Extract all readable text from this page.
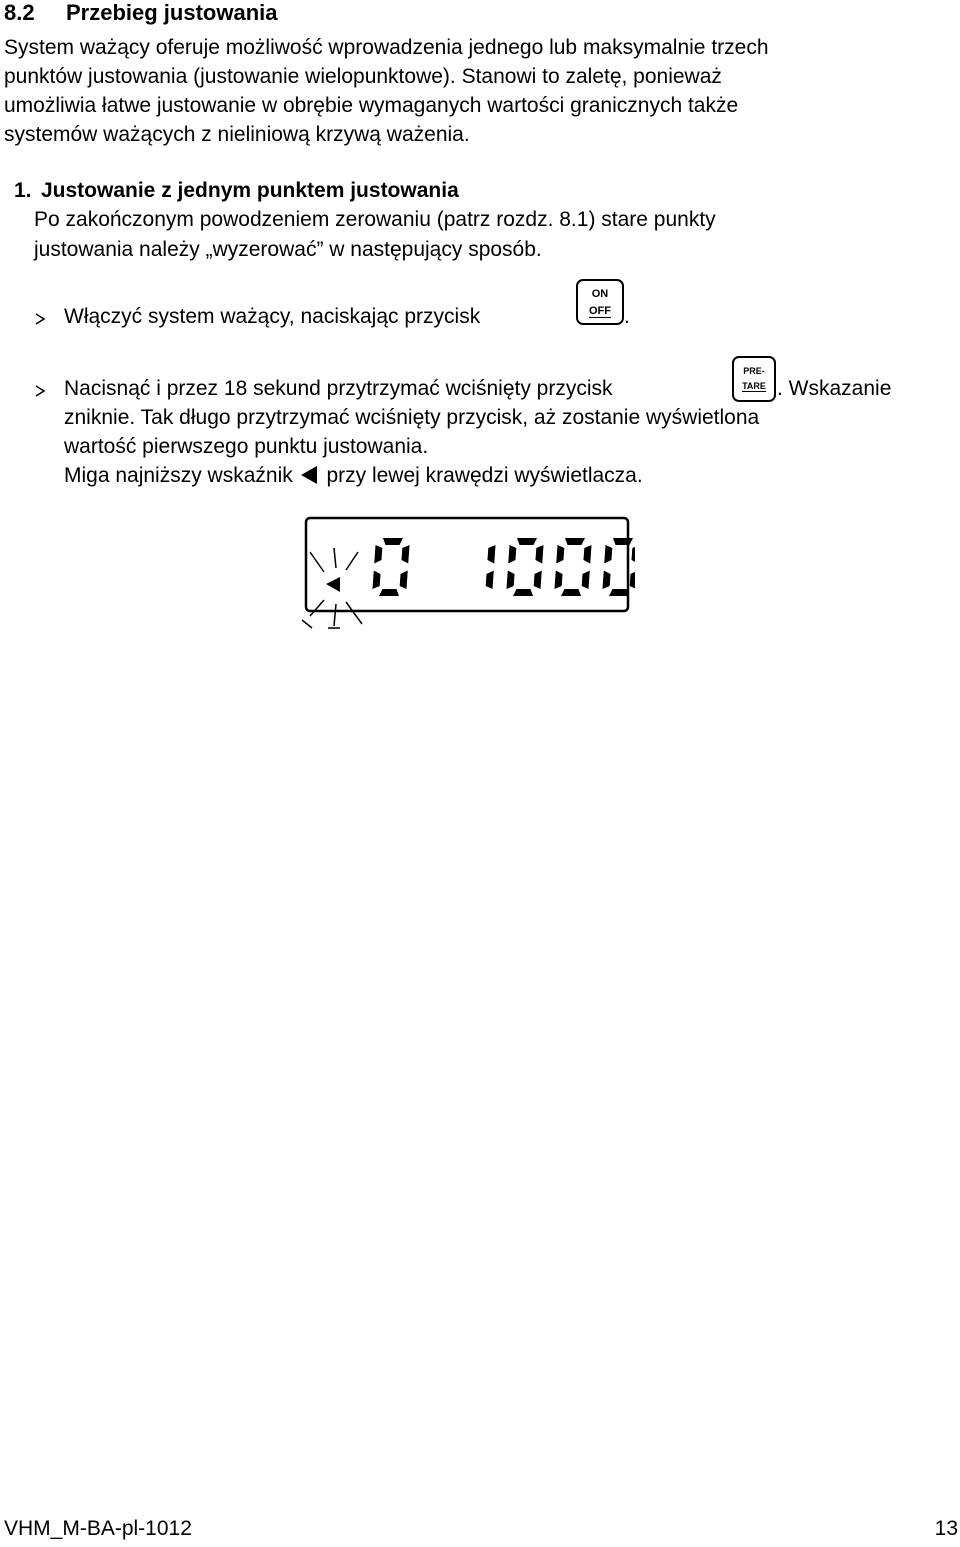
8.2 Przebieg justowania
System ważący oferuje możliwość wprowadzenia jednego lub maksymalnie trzech
punktów justowania (justowanie wielopunktowe). Stanowi to zaletę, ponieważ
umożliwia łatwe justowanie w obrębie wymaganych wartości granicznych także
systemów ważących z nieliniową krzywą ważenia.
1. Justowanie z jednym punktem justowania
Po zakończonym powodzeniem zerowaniu (patrz rozdz. 8.1) stare punkty
justowania należy „wyzerować” w następujący sposób.
Włączyć system ważący, naciskając przycisk
ON
OFF .
Nacisnąć i przez 18 sekund przytrzymać wciśnięty przycisk
PRE-
TARE . Wskazanie
zniknie. Tak długo przytrzymać wciśnięty przycisk, aż zostanie wyświetlona
wartość pierwszego punktu justowania.
Miga najniższy wskaźnik przy lewej krawędzi wyświetlacza.
VHM_M-BA-pl-1012	13
